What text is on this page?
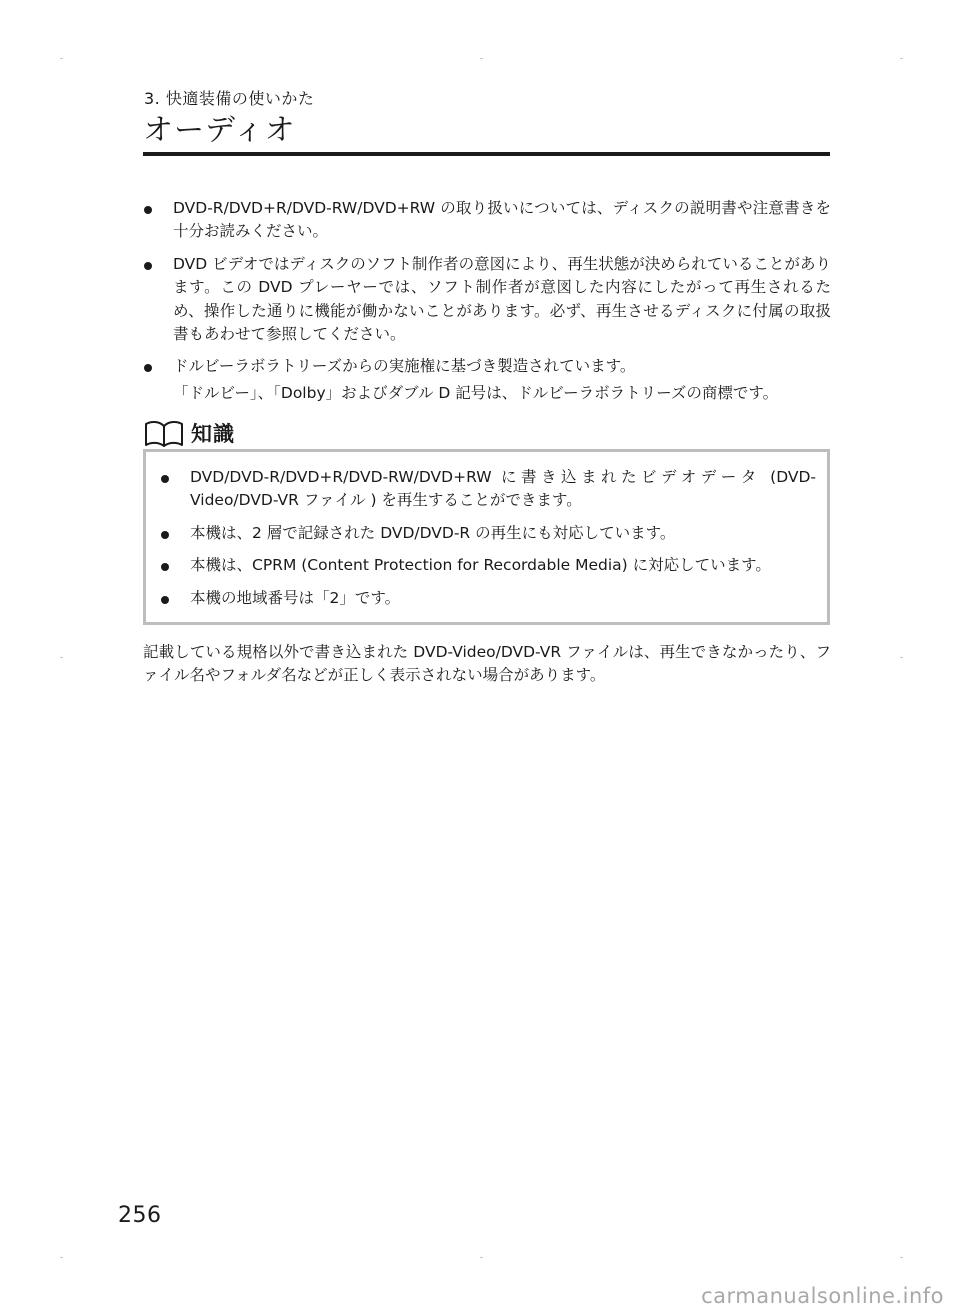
3. 快適装備の使いかた
オーディオ
DVD-R/DVD+R/DVD-RW/DVD+RW の取り扱いについては、ディスクの説明書や注意書きを十分お読みください。
DVD ビデオではディスクのソフト制作者の意図により、再生状態が決められていることがあります。この DVD プレーヤーでは、ソフト制作者が意図した内容にしたがって再生されるため、操作した通りに機能が働かないことがあります。必ず、再生させるディスクに付属の取扱書もあわせて参照してください。
ドルビーラボラトリーズからの実施権に基づき製造されています。
「ドルビー」、「Dolby」およびダブル D 記号は、ドルビーラボラトリーズの商標です。
知識
DVD/DVD-R/DVD+R/DVD-RW/DVD+RW に書き込まれたビデオデータ (DVD-Video/DVD-VR ファイル ) を再生することができます。
本機は、2 層で記録された DVD/DVD-R の再生にも対応しています。
本機は、CPRM (Content Protection for Recordable Media) に対応しています。
本機の地域番号は「2」です。

記載している規格以外で書き込まれた DVD-Video/DVD-VR ファイルは、再生できなかったり、ファイル名やフォルダ名などが正しく表示されない場合があります。

256
carmanualsonline.info
